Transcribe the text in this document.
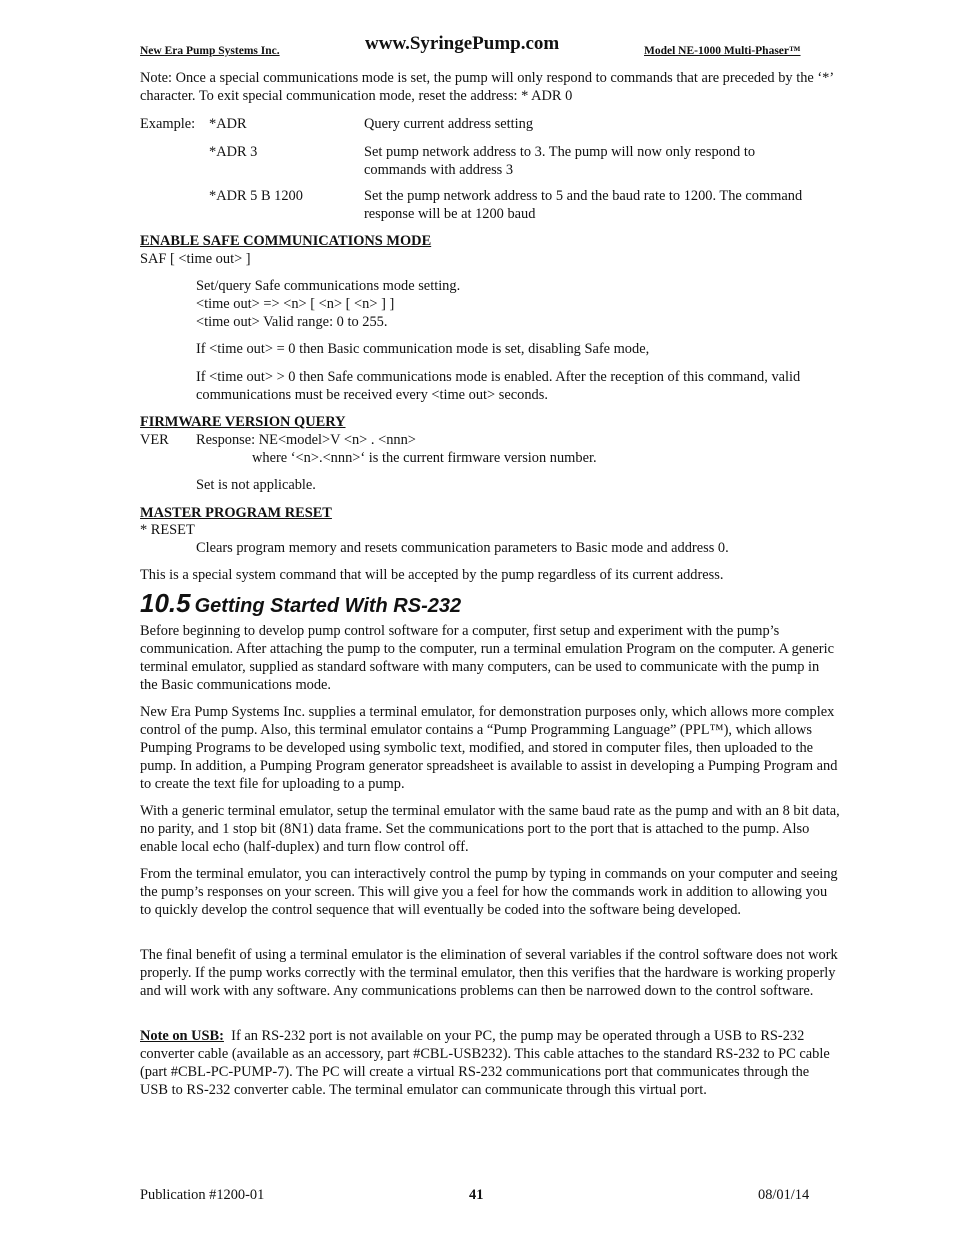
New Era Pump Systems Inc.	www.SyringePump.com	Model NE-1000 Multi-Phaser™
Note: Once a special communications mode is set, the pump will only respond to commands that are preceded by the ‘*’ character. To exit special communication mode, reset the address: * ADR 0
Example: *ADR	Query current address setting
*ADR 3	Set pump network address to 3. The pump will now only respond to commands with address 3
*ADR 5 B 1200	Set the pump network address to 5 and the baud rate to 1200. The command response will be at 1200 baud
ENABLE SAFE COMMUNICATIONS MODE
SAF [ <time out> ]
Set/query Safe communications mode setting.
<time out> => <n> [ <n> [ <n> ] ]
<time out> Valid range: 0 to 255.
If <time out> = 0 then Basic communication mode is set, disabling Safe mode,
If <time out> > 0 then Safe communications mode is enabled. After the reception of this command, valid communications must be received every <time out> seconds.
FIRMWARE VERSION QUERY
VER Response: NE<model>V <n> . <nnn>
where ‘<n>.<nnn>‘ is the current firmware version number.
Set is not applicable.
MASTER PROGRAM RESET
* RESET
Clears program memory and resets communication parameters to Basic mode and address 0.
This is a special system command that will be accepted by the pump regardless of its current address.
10.5 Getting Started With RS-232
Before beginning to develop pump control software for a computer, first setup and experiment with the pump’s communication. After attaching the pump to the computer, run a terminal emulation Program on the computer. A generic terminal emulator, supplied as standard software with many computers, can be used to communicate with the pump in the Basic communications mode.
New Era Pump Systems Inc. supplies a terminal emulator, for demonstration purposes only, which allows more complex control of the pump. Also, this terminal emulator contains a “Pump Programming Language” (PPL™), which allows Pumping Programs to be developed using symbolic text, modified, and stored in computer files, then uploaded to the pump. In addition, a Pumping Program generator spreadsheet is available to assist in developing a Pumping Program and to create the text file for uploading to a pump.
With a generic terminal emulator, setup the terminal emulator with the same baud rate as the pump and with an 8 bit data, no parity, and 1 stop bit (8N1) data frame. Set the communications port to the port that is attached to the pump. Also enable local echo (half-duplex) and turn flow control off.
From the terminal emulator, you can interactively control the pump by typing in commands on your computer and seeing the pump’s responses on your screen. This will give you a feel for how the commands work in addition to allowing you to quickly develop the control sequence that will eventually be coded into the software being developed.
The final benefit of using a terminal emulator is the elimination of several variables if the control software does not work properly. If the pump works correctly with the terminal emulator, then this verifies that the hardware is working properly and will work with any software. Any communications problems can then be narrowed down to the control software.
Note on USB: If an RS-232 port is not available on your PC, the pump may be operated through a USB to RS-232 converter cable (available as an accessory, part #CBL-USB232). This cable attaches to the standard RS-232 to PC cable (part #CBL-PC-PUMP-7). The PC will create a virtual RS-232 communications port that communicates through the USB to RS-232 converter cable. The terminal emulator can communicate through this virtual port.
Publication #1200-01	41	08/01/14
